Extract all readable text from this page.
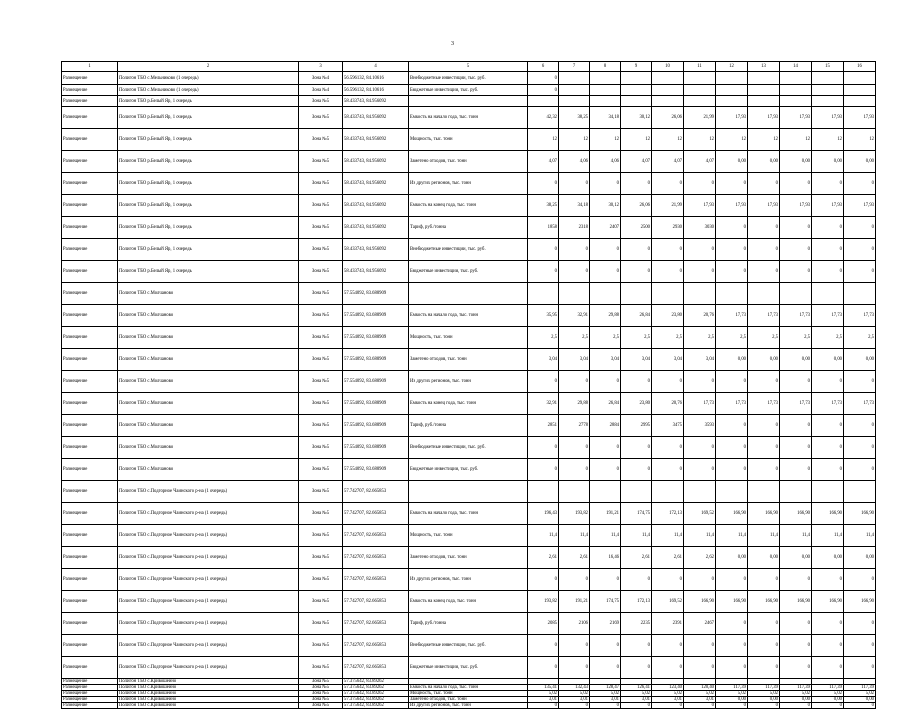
3
1	2	3	4	5	6	7	8	9	10	11	12	13	14	15	16
Размещение	Полигон ТБО с.Мельниково (1 очередь)	Зона №4	56.596132, 84.10616	Внебюджетные инвестиции, тыс. руб.	0										
Размещение	Полигон ТБО с.Мельниково (1 очередь)	Зона №4	56.596132, 84.10616	Бюджетные инвестиции, тыс. руб.	0										
Размещение	Полигон ТБО р.Белый Яр, 1 очередь	Зона №5	58.433743, 84.956092												
Размещение	Полигон ТБО р.Белый Яр, 1 очередь	Зона №5	58.433743, 84.956092	Емкость на начало года, тыс. тонн	42,32	38,25	34,18	30,12	26,06	21,99	17,93	17,93	17,93	17,93	17,93
Размещение	Полигон ТБО р.Белый Яр, 1 очередь	Зона №5	58.433743, 84.956092	Мощность, тыс. тонн	12	12	12	12	12	12	12	12	12	12	12
Размещение	Полигон ТБО р.Белый Яр, 1 очередь	Зона №5	58.433743, 84.956092	Заметено отходов, тыс. тонн	4,07	4,06	4,06	4,07	4,07	4,07	0,00	0,00	0,00	0,00	0,00
Размещение	Полигон ТБО р.Белый Яр, 1 очередь	Зона №5	58.433743, 84.956092	Из других регионов, тыс. тонн	0	0	0	0	0	0	0	0	0	0	0
Размещение	Полигон ТБО р.Белый Яр, 1 очередь	Зона №5	58.433743, 84.956092	Емкость на конец года, тыс. тонн	38,25	34,18	30,12	26,06	21,99	17,93	17,93	17,93	17,93	17,93	17,93
Размещение	Полигон ТБО р.Белый Яр, 1 очередь	Зона №5	58.433743, 84.956092	Тариф, руб./тонна	1858	2318	2407	2500	2930	3030	0	0	0	0	0
Размещение	Полигон ТБО р.Белый Яр, 1 очередь	Зона №5	58.433743, 84.956092	Внебюджетные инвестиции, тыс. руб.	0	0	0	0	0	0	0	0	0	0	0
Размещение	Полигон ТБО р.Белый Яр, 1 очередь	Зона №5	58.433743, 84.956092	Бюджетные инвестиции, тыс. руб.	0	0	0	0	0	0	0	0	0	0	0
Размещение	Полигон ТБО с.Молчаново	Зона №5	57.554092, 83.688909												
Размещение	Полигон ТБО с.Молчаново	Зона №5	57.554092, 83.688909	Емкость на начало года, тыс. тонн	35,95	32,91	29,88	26,84	23,80	20,76	17,73	17,73	17,73	17,73	17,73
Размещение	Полигон ТБО с.Молчаново	Зона №5	57.554092, 83.688909	Мощность, тыс. тонн	2,5	2,5	2,5	2,5	2,5	2,5	2,5	2,5	2,5	2,5	2,5
Размещение	Полигон ТБО с.Молчаново	Зона №5	57.554092, 83.688909	Заметено отходов, тыс. тонн	3,04	3,04	3,04	3,04	3,04	3,04	0,00	0,00	0,00	0,00	0,00
Размещение	Полигон ТБО с.Молчаново	Зона №5	57.554092, 83.688909	Из других регионов, тыс. тонн	0	0	0	0	0	0	0	0	0	0	0
Размещение	Полигон ТБО с.Молчаново	Зона №5	57.554092, 83.688909	Емкость на конец года, тыс. тонн	32,91	29,88	26,84	23,80	20,76	17,73	17,73	17,73	17,73	17,73	17,73
Размещение	Полигон ТБО с.Молчаново	Зона №5	57.554092, 83.688909	Тариф, руб./тонна	2851	2778	2884	2995	3475	3593	0	0	0	0	0
Размещение	Полигон ТБО с.Молчаново	Зона №5	57.554092, 83.688909	Внебюджетные инвестиции, тыс. руб.	0	0	0	0	0	0	0	0	0	0	0
Размещение	Полигон ТБО с.Молчаново	Зона №5	57.554092, 83.688909	Бюджетные инвестиции, тыс. руб.	0	0	0	0	0	0	0	0	0	0	0
Размещение	Полигон ТБО с.Подгорное Чаинского р-на (1 очередь)	Зона №5	57.742707, 82.665853												
Размещение	Полигон ТБО с.Подгорное Чаинского р-на (1 очередь)	Зона №5	57.742707, 82.665853	Емкость на начало года, тыс. тонн	196,43	193,82	191,21	174,75	172,13	169,52	166,90	166,90	166,90	166,90	166,90
Размещение	Полигон ТБО с.Подгорное Чаинского р-на (1 очередь)	Зона №5	57.742707, 82.665853	Мощность, тыс. тонн	11,4	11,4	11,4	11,4	11,4	11,4	11,4	11,4	11,4	11,4	11,4
Размещение	Полигон ТБО с.Подгорное Чаинского р-на (1 очередь)	Зона №5	57.742707, 82.665853	Заметено отходов, тыс. тонн	2,61	2,61	16,46	2,61	2,61	2,62	0,00	0,00	0,00	0,00	0,00
Размещение	Полигон ТБО с.Подгорное Чаинского р-на (1 очередь)	Зона №5	57.742707, 82.665853	Из других регионов, тыс. тонн	0	0	0	0	0	0	0	0	0	0	0
Размещение	Полигон ТБО с.Подгорное Чаинского р-на (1 очередь)	Зона №5	57.742707, 82.665853	Емкость на конец года, тыс. тонн	193,82	191,21	174,75	172,13	169,52	166,90	166,90	166,90	166,90	166,90	166,90
Размещение	Полигон ТБО с.Подгорное Чаинского р-на (1 очередь)	Зона №5	57.742707, 82.665853	Тариф, руб./тонна	2085	2106	2169	2235	2391	2467	0	0	0	0	0
Размещение	Полигон ТБО с.Подгорное Чаинского р-на (1 очередь)	Зона №5	57.742707, 82.665853	Внебюджетные инвестиции, тыс. руб.	0	0	0	0	0	0	0	0	0	0	0
Размещение	Полигон ТБО с.Подгорное Чаинского р-на (1 очередь)	Зона №5	57.742707, 82.665853	Бюджетные инвестиции, тыс. руб.	0	0	0	0	0	0	0	0	0	0	0
Размещение	Полигон ТБО с.Кривошеино	Зона №5	57.375642, 83.89262												
Размещение	Полигон ТБО с.Кривошеино	Зона №5	57.375642, 83.89262	Емкость на начало года, тыс. тонн	135,41	132,43	128,47	126,41	123,40	120,40	117,39	117,39	117,39	117,39	117,39
Размещение	Полигон ТБО с.Кривошеино	Зона №5	57.375642, 83.89262	Мощность, тыс. тонн	5,02	5,02	5,02	5,02	5,02	5,02	5,02	5,02	5,02	5,02	5,02
Размещение	Полигон ТБО с.Кривошеино	Зона №5	57.375642, 83.89262	Заметено отходов, тыс. тонн	3,01	3,01	3,01	3,01	3,01	3,01	0,00	0,00	0,00	0,00	0,00
Размещение	Полигон ТБО с.Кривошеино	Зона №5	57.375642, 83.89262	Из других регионов, тыс. тонн	0	0	0	0	0	0	0	0	0	0	0
